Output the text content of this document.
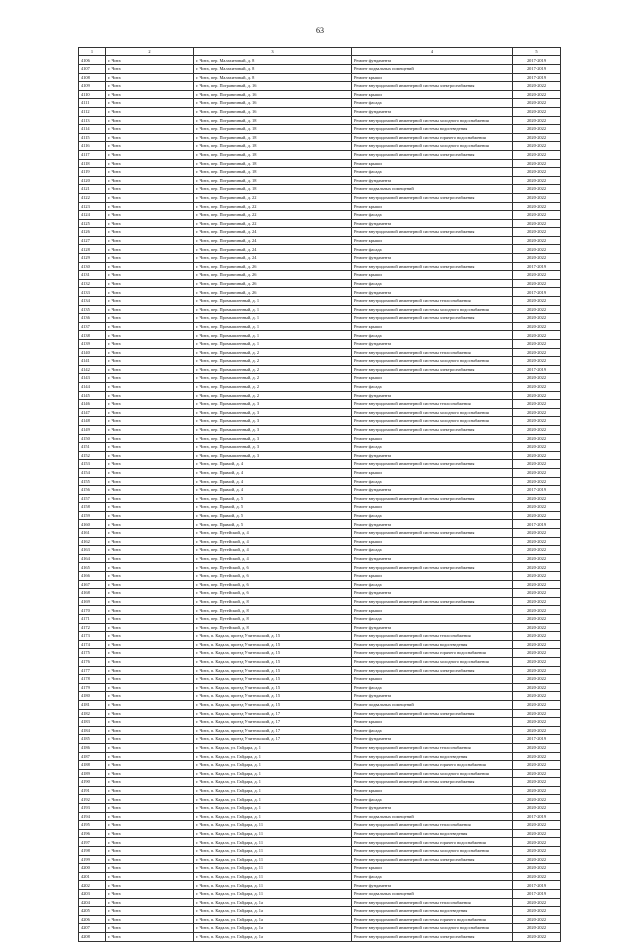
63
1	2	3	4	5
4106	г. Чита	г. Чита, пер. Малахитовый, д. 8	Ремонт фундамента	2017-2019
4107	г. Чита	г. Чита, пер. Малахитовый, д. 8	Ремонт подвальных помещений	2017-2019
4108	г. Чита	г. Чита, пер. Малахитовый, д. 8	Ремонт крыши	2017-2019
4109	г. Чита	г. Чита, пер. Пограничный, д. 16	Ремонт внутридомовой инженерной системы электроснабжения	2020-2022
4110	г. Чита	г. Чита, пер. Пограничный, д. 16	Ремонт крыши	2020-2022
4111	г. Чита	г. Чита, пер. Пограничный, д. 16	Ремонт фасада	2020-2022
4112	г. Чита	г. Чита, пер. Пограничный, д. 16	Ремонт фундамента	2020-2022
4113	г. Чита	г. Чита, пер. Пограничный, д. 18	Ремонт внутридомовой инженерной системы холодного водоснабжения	2020-2022
4114	г. Чита	г. Чита, пер. Пограничный, д. 18	Ремонт внутридомовой инженерной системы водоотведения	2020-2022
4115	г. Чита	г. Чита, пер. Пограничный, д. 18	Ремонт внутридомовой инженерной системы горячего водоснабжения	2020-2022
4116	г. Чита	г. Чита, пер. Пограничный, д. 18	Ремонт внутридомовой инженерной системы холодного водоснабжения	2020-2022
4117	г. Чита	г. Чита, пер. Пограничный, д. 18	Ремонт внутридомовой инженерной системы электроснабжения	2020-2022
4118	г. Чита	г. Чита, пер. Пограничный, д. 18	Ремонт крыши	2020-2022
4119	г. Чита	г. Чита, пер. Пограничный, д. 18	Ремонт фасада	2020-2022
4120	г. Чита	г. Чита, пер. Пограничный, д. 18	Ремонт фундамента	2020-2022
4121	г. Чита	г. Чита, пер. Пограничный, д. 18	Ремонт подвальных помещений	2020-2022
4122	г. Чита	г. Чита, пер. Пограничный, д. 22	Ремонт внутридомовой инженерной системы электроснабжения	2020-2022
4123	г. Чита	г. Чита, пер. Пограничный, д. 22	Ремонт крыши	2020-2022
4124	г. Чита	г. Чита, пер. Пограничный, д. 22	Ремонт фасада	2020-2022
4125	г. Чита	г. Чита, пер. Пограничный, д. 22	Ремонт фундамента	2020-2022
4126	г. Чита	г. Чита, пер. Пограничный, д. 24	Ремонт внутридомовой инженерной системы электроснабжения	2020-2022
4127	г. Чита	г. Чита, пер. Пограничный, д. 24	Ремонт крыши	2020-2022
4128	г. Чита	г. Чита, пер. Пограничный, д. 24	Ремонт фасада	2020-2022
4129	г. Чита	г. Чита, пер. Пограничный, д. 24	Ремонт фундамента	2020-2022
4130	г. Чита	г. Чита, пер. Пограничный, д. 26	Ремонт внутридомовой инженерной системы электроснабжения	2017-2019
4131	г. Чита	г. Чита, пер. Пограничный, д. 26	Ремонт крыши	2020-2022
4132	г. Чита	г. Чита, пер. Пограничный, д. 26	Ремонт фасада	2020-2022
4133	г. Чита	г. Чита, пер. Пограничный, д. 26	Ремонт фундамента	2017-2019
4134	г. Чита	г. Чита, пер. Промышленный, д. 1	Ремонт внутридомовой инженерной системы теплоснабжения	2020-2022
4135	г. Чита	г. Чита, пер. Промышленный, д. 1	Ремонт внутридомовой инженерной системы холодного водоснабжения	2020-2022
4136	г. Чита	г. Чита, пер. Промышленный, д. 1	Ремонт внутридомовой инженерной системы электроснабжения	2020-2022
4137	г. Чита	г. Чита, пер. Промышленный, д. 1	Ремонт крыши	2020-2022
4138	г. Чита	г. Чита, пер. Промышленный, д. 1	Ремонт фасада	2020-2022
4139	г. Чита	г. Чита, пер. Промышленный, д. 1	Ремонт фундамента	2020-2022
4140	г. Чита	г. Чита, пер. Промышленный, д. 2	Ремонт внутридомовой инженерной системы теплоснабжения	2020-2022
4141	г. Чита	г. Чита, пер. Промышленный, д. 2	Ремонт внутридомовой инженерной системы холодного водоснабжения	2020-2022
4142	г. Чита	г. Чита, пер. Промышленный, д. 2	Ремонт внутридомовой инженерной системы электроснабжения	2017-2019
4143	г. Чита	г. Чита, пер. Промышленный, д. 2	Ремонт крыши	2020-2022
4144	г. Чита	г. Чита, пер. Промышленный, д. 2	Ремонт фасада	2020-2022
4145	г. Чита	г. Чита, пер. Промышленный, д. 2	Ремонт фундамента	2020-2022
4146	г. Чита	г. Чита, пер. Промышленный, д. 3	Ремонт внутридомовой инженерной системы теплоснабжения	2020-2022
4147	г. Чита	г. Чита, пер. Промышленный, д. 3	Ремонт внутридомовой инженерной системы холодного водоснабжения	2020-2022
4148	г. Чита	г. Чита, пер. Промышленный, д. 3	Ремонт внутридомовой инженерной системы холодного водоснабжения	2020-2022
4149	г. Чита	г. Чита, пер. Промышленный, д. 3	Ремонт внутридомовой инженерной системы электроснабжения	2020-2022
4150	г. Чита	г. Чита, пер. Промышленный, д. 3	Ремонт крыши	2020-2022
4151	г. Чита	г. Чита, пер. Промышленный, д. 3	Ремонт фасада	2020-2022
4152	г. Чита	г. Чита, пер. Промышленный, д. 3	Ремонт фундамента	2020-2022
4153	г. Чита	г. Чита, пер. Прямой, д. 4	Ремонт внутридомовой инженерной системы электроснабжения	2020-2022
4154	г. Чита	г. Чита, пер. Прямой, д. 4	Ремонт крыши	2020-2022
4155	г. Чита	г. Чита, пер. Прямой, д. 4	Ремонт фасада	2020-2022
4156	г. Чита	г. Чита, пер. Прямой, д. 4	Ремонт фундамента	2017-2019
4157	г. Чита	г. Чита, пер. Прямой, д. 5	Ремонт внутридомовой инженерной системы электроснабжения	2020-2022
4158	г. Чита	г. Чита, пер. Прямой, д. 5	Ремонт крыши	2020-2022
4159	г. Чита	г. Чита, пер. Прямой, д. 5	Ремонт фасада	2020-2022
4160	г. Чита	г. Чита, пер. Прямой, д. 5	Ремонт фундамента	2017-2019
4161	г. Чита	г. Чита, пер. Путейский, д. 4	Ремонт внутридомовой инженерной системы электроснабжения	2020-2022
4162	г. Чита	г. Чита, пер. Путейский, д. 4	Ремонт крыши	2020-2022
4163	г. Чита	г. Чита, пер. Путейский, д. 4	Ремонт фасада	2020-2022
4164	г. Чита	г. Чита, пер. Путейский, д. 4	Ремонт фундамента	2020-2022
4165	г. Чита	г. Чита, пер. Путейский, д. 6	Ремонт внутридомовой инженерной системы электроснабжения	2020-2022
4166	г. Чита	г. Чита, пер. Путейский, д. 6	Ремонт крыши	2020-2022
4167	г. Чита	г. Чита, пер. Путейский, д. 6	Ремонт фасада	2020-2022
4168	г. Чита	г. Чита, пер. Путейский, д. 6	Ремонт фундамента	2020-2022
4169	г. Чита	г. Чита, пер. Путейский, д. 8	Ремонт внутридомовой инженерной системы электроснабжения	2020-2022
4170	г. Чита	г. Чита, пер. Путейский, д. 8	Ремонт крыши	2020-2022
4171	г. Чита	г. Чита, пер. Путейский, д. 8	Ремонт фасада	2020-2022
4172	г. Чита	г. Чита, пер. Путейский, д. 8	Ремонт фундамента	2020-2022
4173	г. Чита	г. Чита, п. Кадала, проезд Учительский, д. 15	Ремонт внутридомовой инженерной системы теплоснабжения	2020-2022
4174	г. Чита	г. Чита, п. Кадала, проезд Учительский, д. 15	Ремонт внутридомовой инженерной системы водоотведения	2020-2022
4175	г. Чита	г. Чита, п. Кадала, проезд Учительский, д. 15	Ремонт внутридомовой инженерной системы горячего водоснабжения	2020-2022
4176	г. Чита	г. Чита, п. Кадала, проезд Учительский, д. 15	Ремонт внутридомовой инженерной системы холодного водоснабжения	2020-2022
4177	г. Чита	г. Чита, п. Кадала, проезд Учительский, д. 15	Ремонт внутридомовой инженерной системы электроснабжения	2020-2022
4178	г. Чита	г. Чита, п. Кадала, проезд Учительский, д. 15	Ремонт крыши	2020-2022
4179	г. Чита	г. Чита, п. Кадала, проезд Учительский, д. 15	Ремонт фасада	2020-2022
4180	г. Чита	г. Чита, п. Кадала, проезд Учительский, д. 15	Ремонт фундамента	2020-2022
4181	г. Чита	г. Чита, п. Кадала, проезд Учительский, д. 15	Ремонт подвальных помещений	2020-2022
4182	г. Чита	г. Чита, п. Кадала, проезд Учительский, д. 17	Ремонт внутридомовой инженерной системы электроснабжения	2020-2022
4183	г. Чита	г. Чита, п. Кадала, проезд Учительский, д. 17	Ремонт крыши	2020-2022
4184	г. Чита	г. Чита, п. Кадала, проезд Учительский, д. 17	Ремонт фасада	2020-2022
4185	г. Чита	г. Чита, п. Кадала, проезд Учительский, д. 17	Ремонт фундамента	2017-2019
4186	г. Чита	г. Чита, п. Кадала, ул. Гайдара, д. 1	Ремонт внутридомовой инженерной системы теплоснабжения	2020-2022
4187	г. Чита	г. Чита, п. Кадала, ул. Гайдара, д. 1	Ремонт внутридомовой инженерной системы водоотведения	2020-2022
4188	г. Чита	г. Чита, п. Кадала, ул. Гайдара, д. 1	Ремонт внутридомовой инженерной системы горячего водоснабжения	2020-2022
4189	г. Чита	г. Чита, п. Кадала, ул. Гайдара, д. 1	Ремонт внутридомовой инженерной системы холодного водоснабжения	2020-2022
4190	г. Чита	г. Чита, п. Кадала, ул. Гайдара, д. 1	Ремонт внутридомовой инженерной системы электроснабжения	2020-2022
4191	г. Чита	г. Чита, п. Кадала, ул. Гайдара, д. 1	Ремонт крыши	2020-2022
4192	г. Чита	г. Чита, п. Кадала, ул. Гайдара, д. 1	Ремонт фасада	2020-2022
4193	г. Чита	г. Чита, п. Кадала, ул. Гайдара, д. 1	Ремонт фундамента	2020-2022
4194	г. Чита	г. Чита, п. Кадала, ул. Гайдара, д. 1	Ремонт подвальных помещений	2017-2019
4195	г. Чита	г. Чита, п. Кадала, ул. Гайдара, д. 11	Ремонт внутридомовой инженерной системы теплоснабжения	2020-2022
4196	г. Чита	г. Чита, п. Кадала, ул. Гайдара, д. 11	Ремонт внутридомовой инженерной системы водоотведения	2020-2022
4197	г. Чита	г. Чита, п. Кадала, ул. Гайдара, д. 11	Ремонт внутридомовой инженерной системы горячего водоснабжения	2020-2022
4198	г. Чита	г. Чита, п. Кадала, ул. Гайдара, д. 11	Ремонт внутридомовой инженерной системы холодного водоснабжения	2020-2022
4199	г. Чита	г. Чита, п. Кадала, ул. Гайдара, д. 11	Ремонт внутридомовой инженерной системы электроснабжения	2020-2022
4200	г. Чита	г. Чита, п. Кадала, ул. Гайдара, д. 11	Ремонт крыши	2020-2022
4201	г. Чита	г. Чита, п. Кадала, ул. Гайдара, д. 11	Ремонт фасада	2020-2022
4202	г. Чита	г. Чита, п. Кадала, ул. Гайдара, д. 11	Ремонт фундамента	2017-2019
4203	г. Чита	г. Чита, п. Кадала, ул. Гайдара, д. 11	Ремонт подвальных помещений	2017-2019
4204	г. Чита	г. Чита, п. Кадала, ул. Гайдара, д. 1а	Ремонт внутридомовой инженерной системы теплоснабжения	2020-2022
4205	г. Чита	г. Чита, п. Кадала, ул. Гайдара, д. 1а	Ремонт внутридомовой инженерной системы водоотведения	2020-2022
4206	г. Чита	г. Чита, п. Кадала, ул. Гайдара, д. 1а	Ремонт внутридомовой инженерной системы горячего водоснабжения	2020-2022
4207	г. Чита	г. Чита, п. Кадала, ул. Гайдара, д. 1а	Ремонт внутридомовой инженерной системы холодного водоснабжения	2020-2022
4208	г. Чита	г. Чита, п. Кадала, ул. Гайдара, д. 1а	Ремонт внутридомовой инженерной системы электроснабжения	2020-2022
